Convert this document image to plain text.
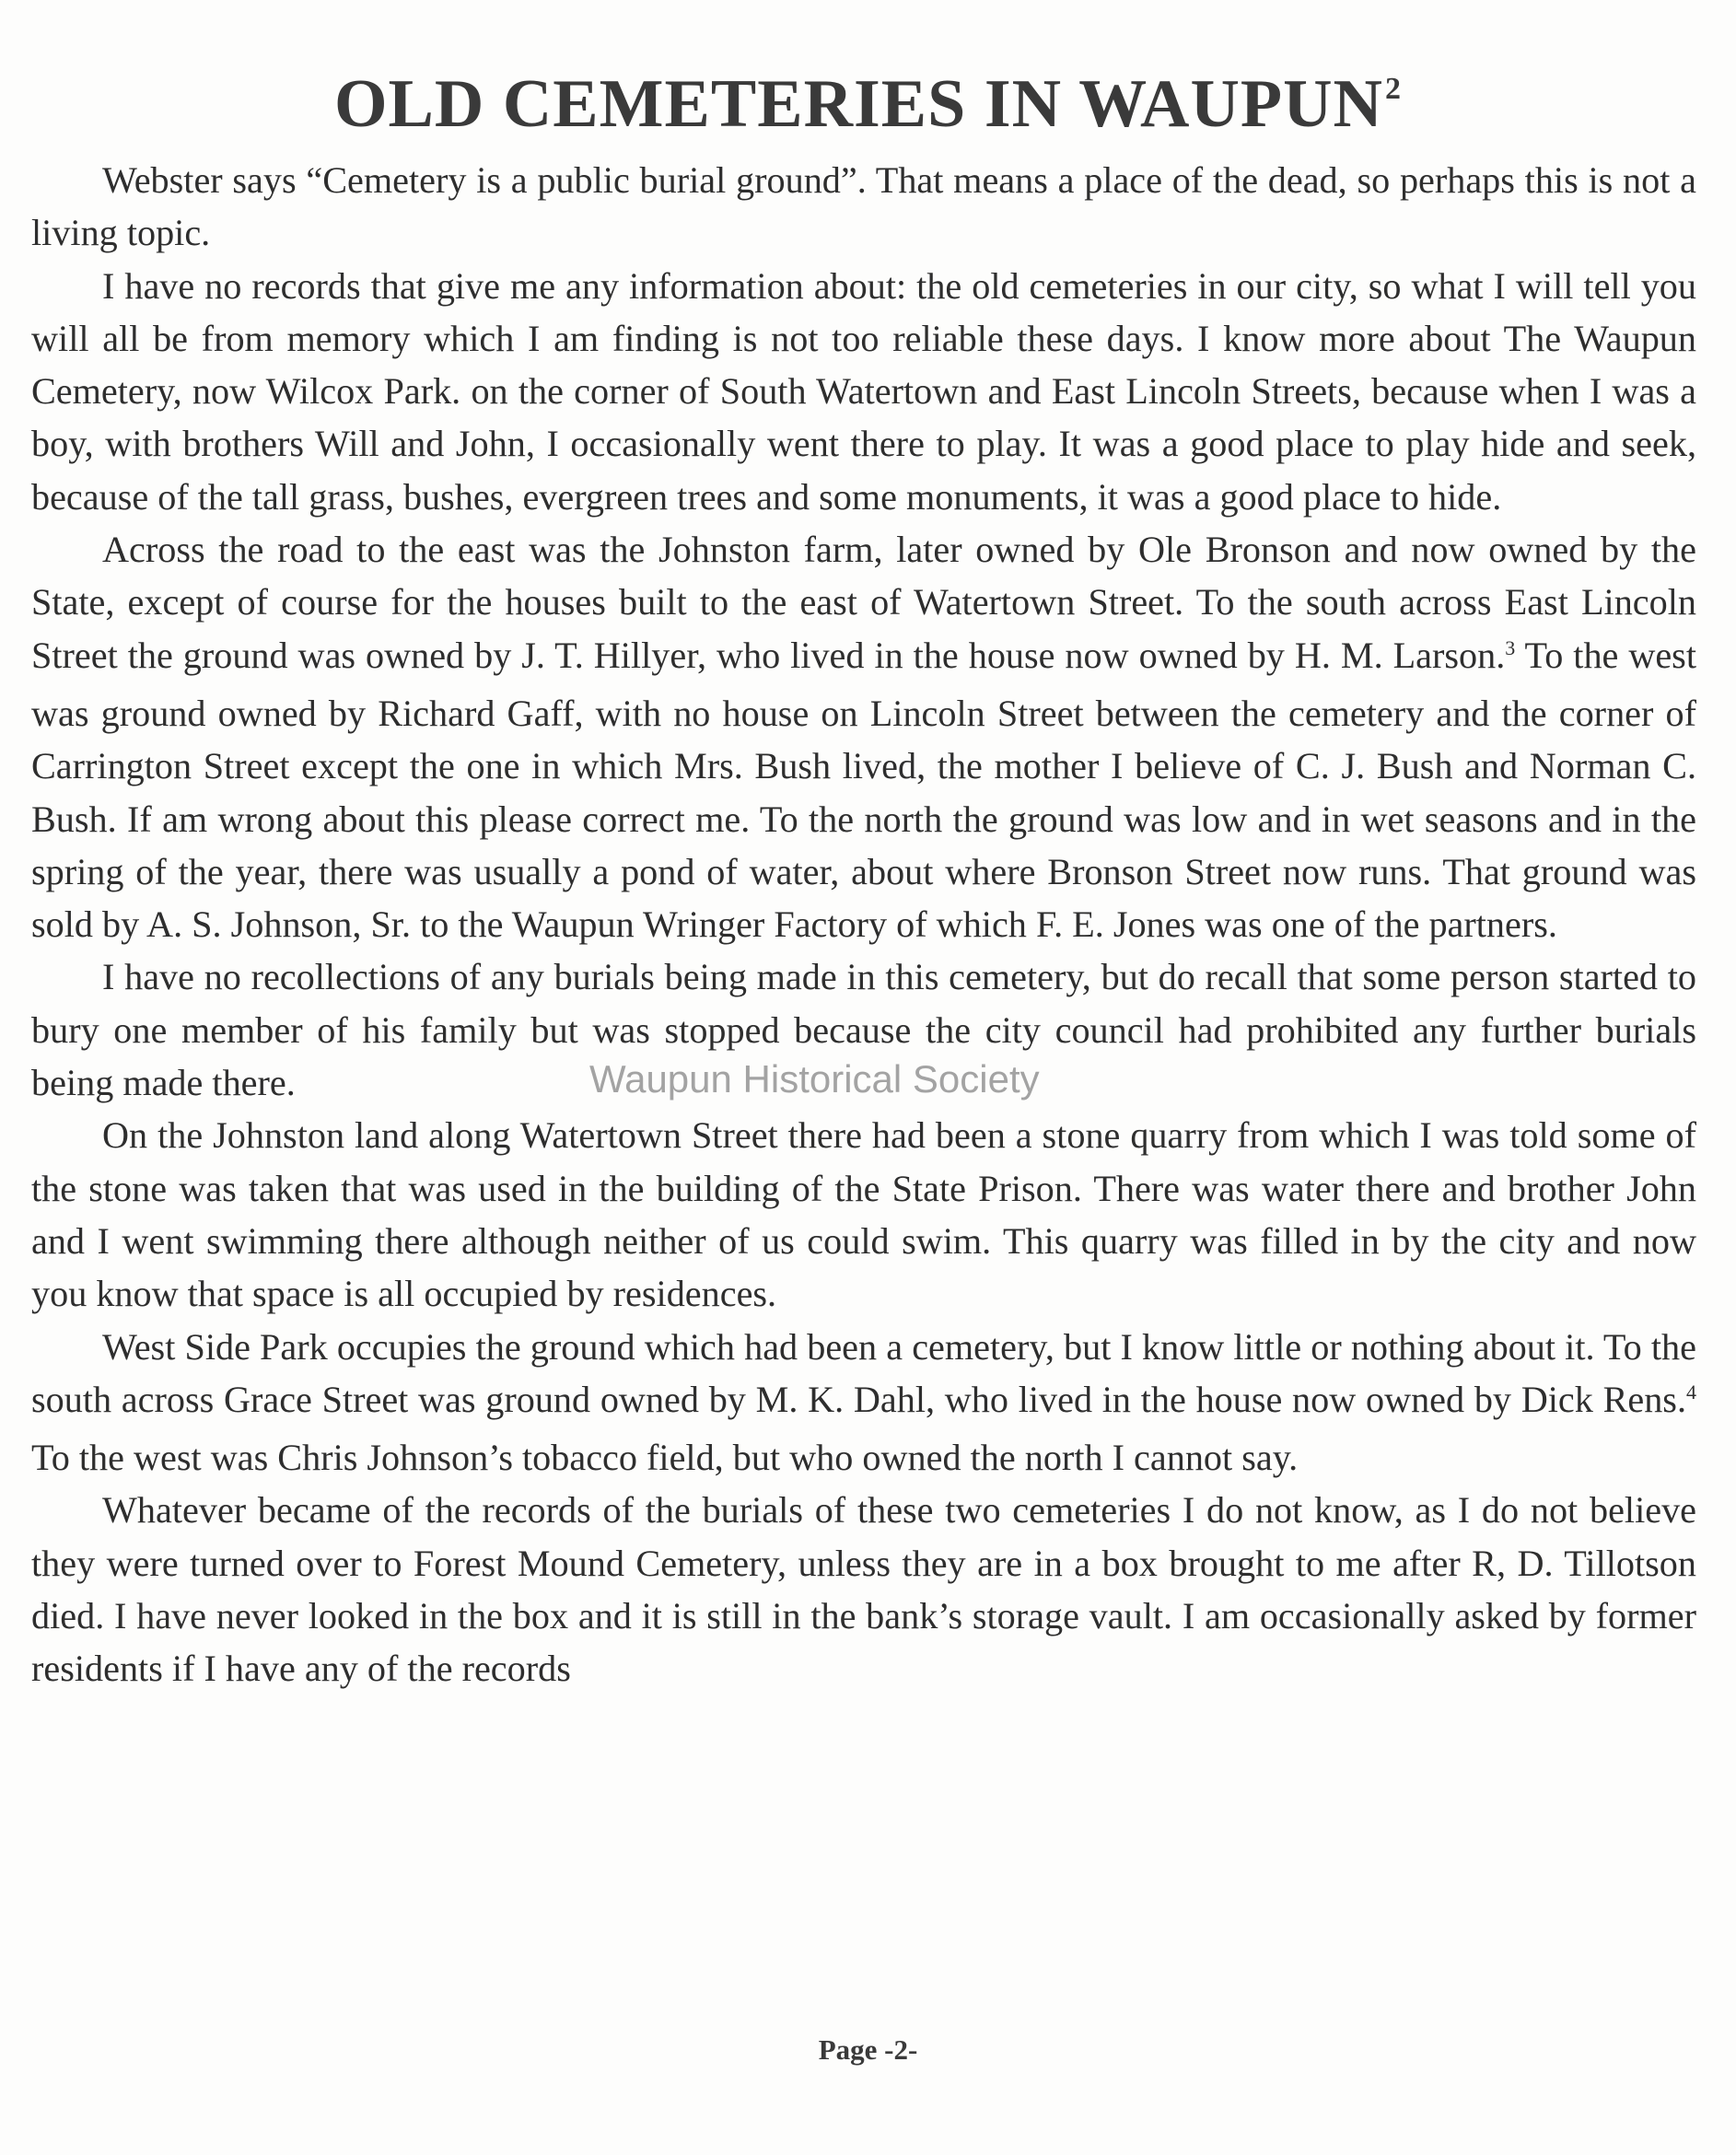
OLD CEMETERIES IN WAUPUN$^2$

Webster says “Cemetery is a public burial ground”. That means a place of the dead, so perhaps this is not a living topic.

I have no records that give me any information about: the old cemeteries in our city, so what I will tell you will all be from memory which I am finding is not too reliable these days. I know more about The Waupun Cemetery, now Wilcox Park. on the corner of South Watertown and East Lincoln Streets, because when I was a boy, with brothers Will and John, I occasionally went there to play. It was a good place to play hide and seek, because of the tall grass, bushes, evergreen trees and some monuments, it was a good place to hide.

Across the road to the east was the Johnston farm, later owned by Ole Bronson and now owned by the State, except of course for the houses built to the east of Watertown Street. To the south across East Lincoln Street the ground was owned by J. T. Hillyer, who lived in the house now owned by H. M. Larson.$^3$ To the west was ground owned by Richard Gaff, with no house on Lincoln Street between the cemetery and the corner of Carrington Street except the one in which Mrs. Bush lived, the mother I believe of C. J. Bush and Norman C. Bush. If am wrong about this please correct me. To the north the ground was low and in wet seasons and in the spring of the year, there was usually a pond of water, about where Bronson Street now runs. That ground was sold by A. S. Johnson, Sr. to the Waupun Wringer Factory of which F. E. Jones was one of the partners.

I have no recollections of any burials being made in this cemetery, but do recall that some person started to bury one member of his family but was stopped because the city council had prohibited any further burials being made there.

On the Johnston land along Watertown Street there had been a stone quarry from which I was told some of the stone was taken that was used in the building of the State Prison. There was water there and brother John and I went swimming there although neither of us could swim. This quarry was filled in by the city and now you know that space is all occupied by residences.

West Side Park occupies the ground which had been a cemetery, but I know little or nothing about it. To the south across Grace Street was ground owned by M. K. Dahl, who lived in the house now owned by Dick Rens.$^4$ To the west was Chris Johnson’s tobacco field, but who owned the north I cannot say.

Whatever became of the records of the burials of these two cemeteries I do not know, as I do not believe they were turned over to Forest Mound Cemetery, unless they are in a box brought to me after R, D. Tillotson died. I have never looked in the box and it is still in the bank’s storage vault. I am occasionally asked by former residents if I have any of the records

Waupun Historical Society
Page -2-
